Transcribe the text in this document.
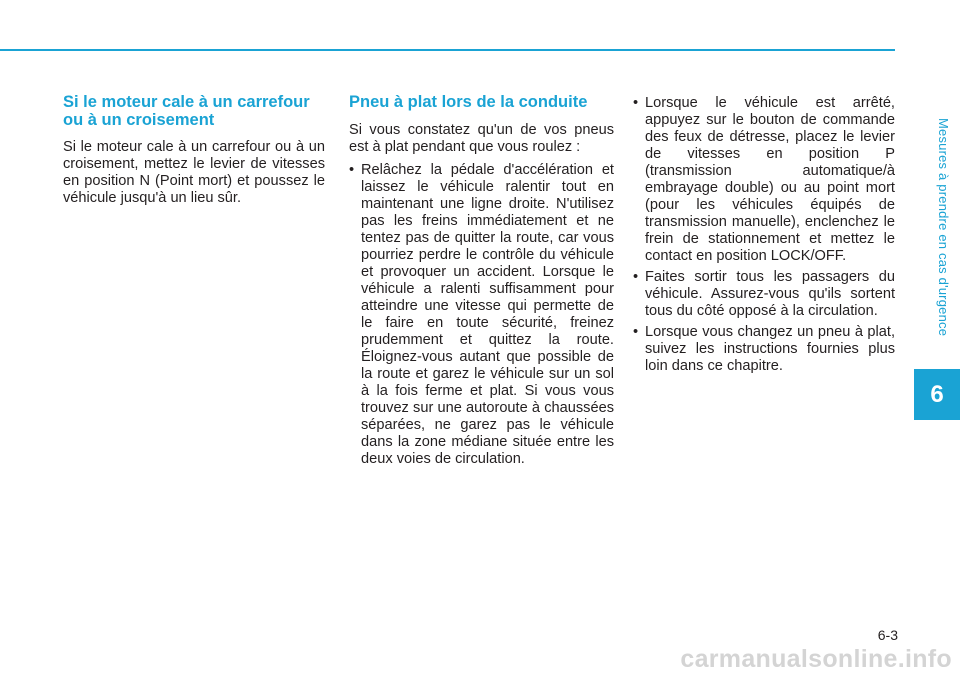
Si le moteur cale à un carrefour ou à un croisement

Si le moteur cale à un carrefour ou à un croisement, mettez le levier de vitesses en position N (Point mort) et poussez le véhicule jusqu'à un lieu sûr.

Pneu à plat lors de la conduite

Si vous constatez qu'un de vos pneus est à plat pendant que vous roulez :

• Relâchez la pédale d'accélération et laissez le véhicule ralentir tout en maintenant une ligne droite. N'utilisez pas les freins immédiatement et ne tentez pas de quitter la route, car vous pourriez perdre le contrôle du véhicule et provoquer un accident. Lorsque le véhicule a ralenti suffisamment pour atteindre une vitesse qui permette de le faire en toute sécurité, freinez prudemment et quittez la route. Éloignez-vous autant que possible de la route et garez le véhicule sur un sol à la fois ferme et plat. Si vous vous trouvez sur une autoroute à chaussées séparées, ne garez pas le véhicule dans la zone médiane située entre les deux voies de circulation.
• Lorsque le véhicule est arrêté, appuyez sur le bouton de commande des feux de détresse, placez le levier de vitesses en position P (transmission automatique/à embrayage double) ou au point mort (pour les véhicules équipés de transmission manuelle), enclenchez le frein de stationnement et mettez le contact en position LOCK/OFF.
• Faites sortir tous les passagers du véhicule. Assurez-vous qu'ils sortent tous du côté opposé à la circulation.
• Lorsque vous changez un pneu à plat, suivez les instructions fournies plus loin dans ce chapitre.
Mesures à prendre en cas d'urgence
6
6-3
carmanualsonline.info
